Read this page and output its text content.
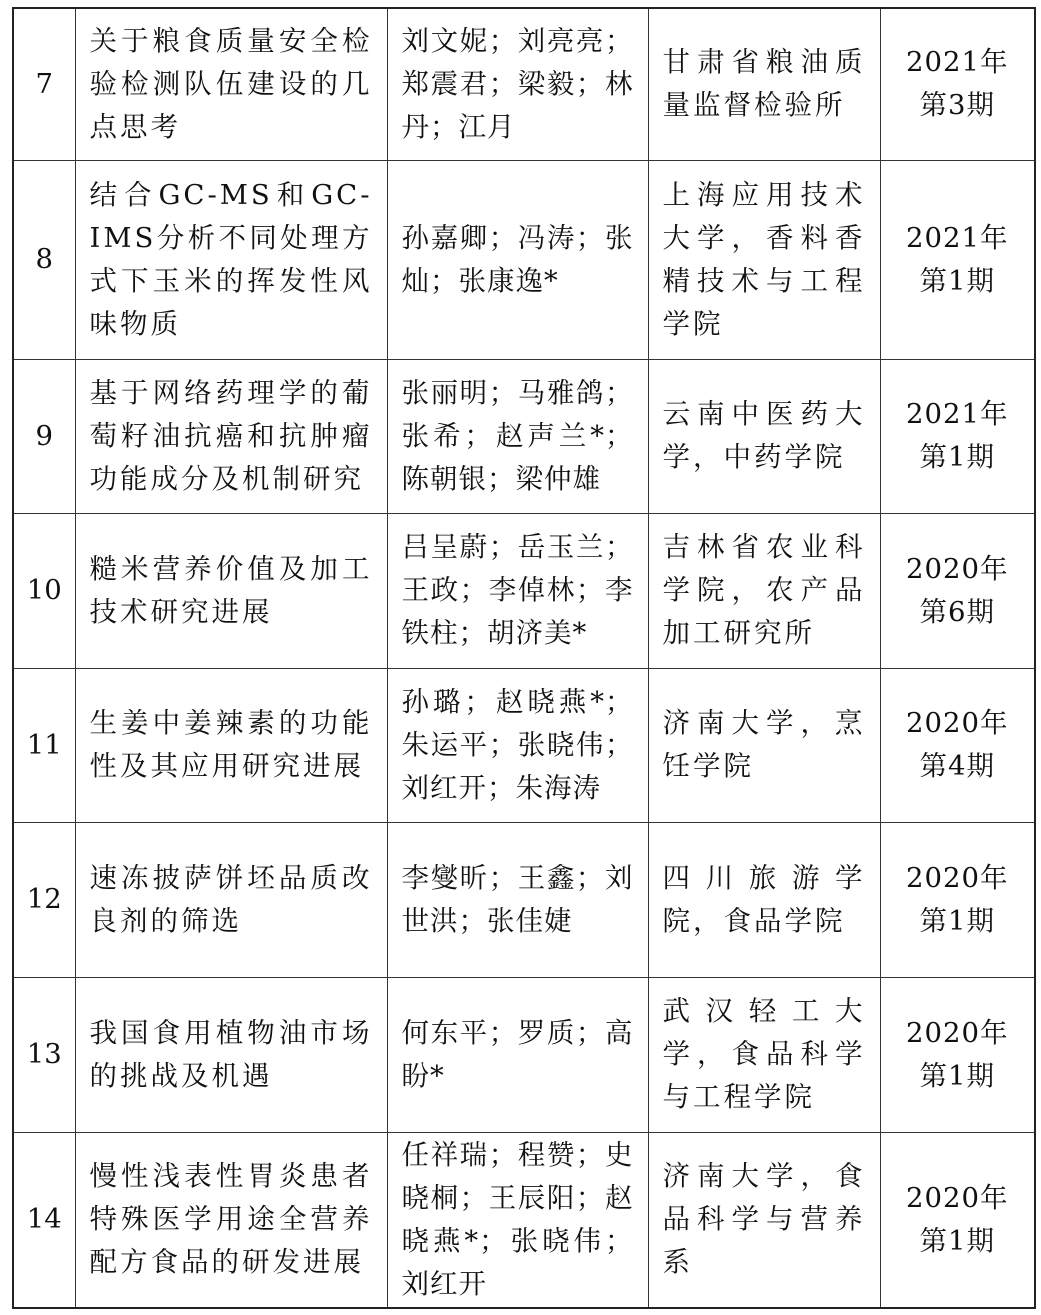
7	关于粮食质量安全检验检测队伍建设的几点思考	刘文妮；刘亮亮；郑震君；梁毅；林丹；江月	甘肃省粮油质量监督检验所	2021年
第3期

8	结合GC-MS和GC-IMS分析不同处理方式下玉米的挥发性风味物质	孙嘉卿；冯涛；张灿；张康逸*	上海应用技术大学，香料香精技术与工程学院	2021年
第1期

9	基于网络药理学的葡萄籽油抗癌和抗肿瘤功能成分及机制研究	张丽明；马雅鸽；张希；赵声兰*；陈朝银；梁仲雄	云南中医药大学，中药学院	2021年
第1期

10	糙米营养价值及加工技术研究进展	吕呈蔚；岳玉兰；王政；李倬林；李铁柱；胡济美*	吉林省农业科学院，农产品加工研究所	2020年
第6期

11	生姜中姜辣素的功能性及其应用研究进展	孙璐；赵晓燕*；朱运平；张晓伟；刘红开；朱海涛	济南大学，烹饪学院	2020年
第4期

12	速冻披萨饼坯品质改良剂的筛选	李燮昕；王鑫；刘世洪；张佳婕	四川旅游学院，食品学院	2020年
第1期

13	我国食用植物油市场的挑战及机遇	何东平；罗质；高盼*	武汉轻工大学，食品科学与工程学院	2020年
第1期

14	慢性浅表性胃炎患者特殊医学用途全营养配方食品的研发进展	任祥瑞；程赞；史晓桐；王辰阳；赵晓燕*；张晓伟；刘红开	济南大学，食品科学与营养系	2020年
第1期
